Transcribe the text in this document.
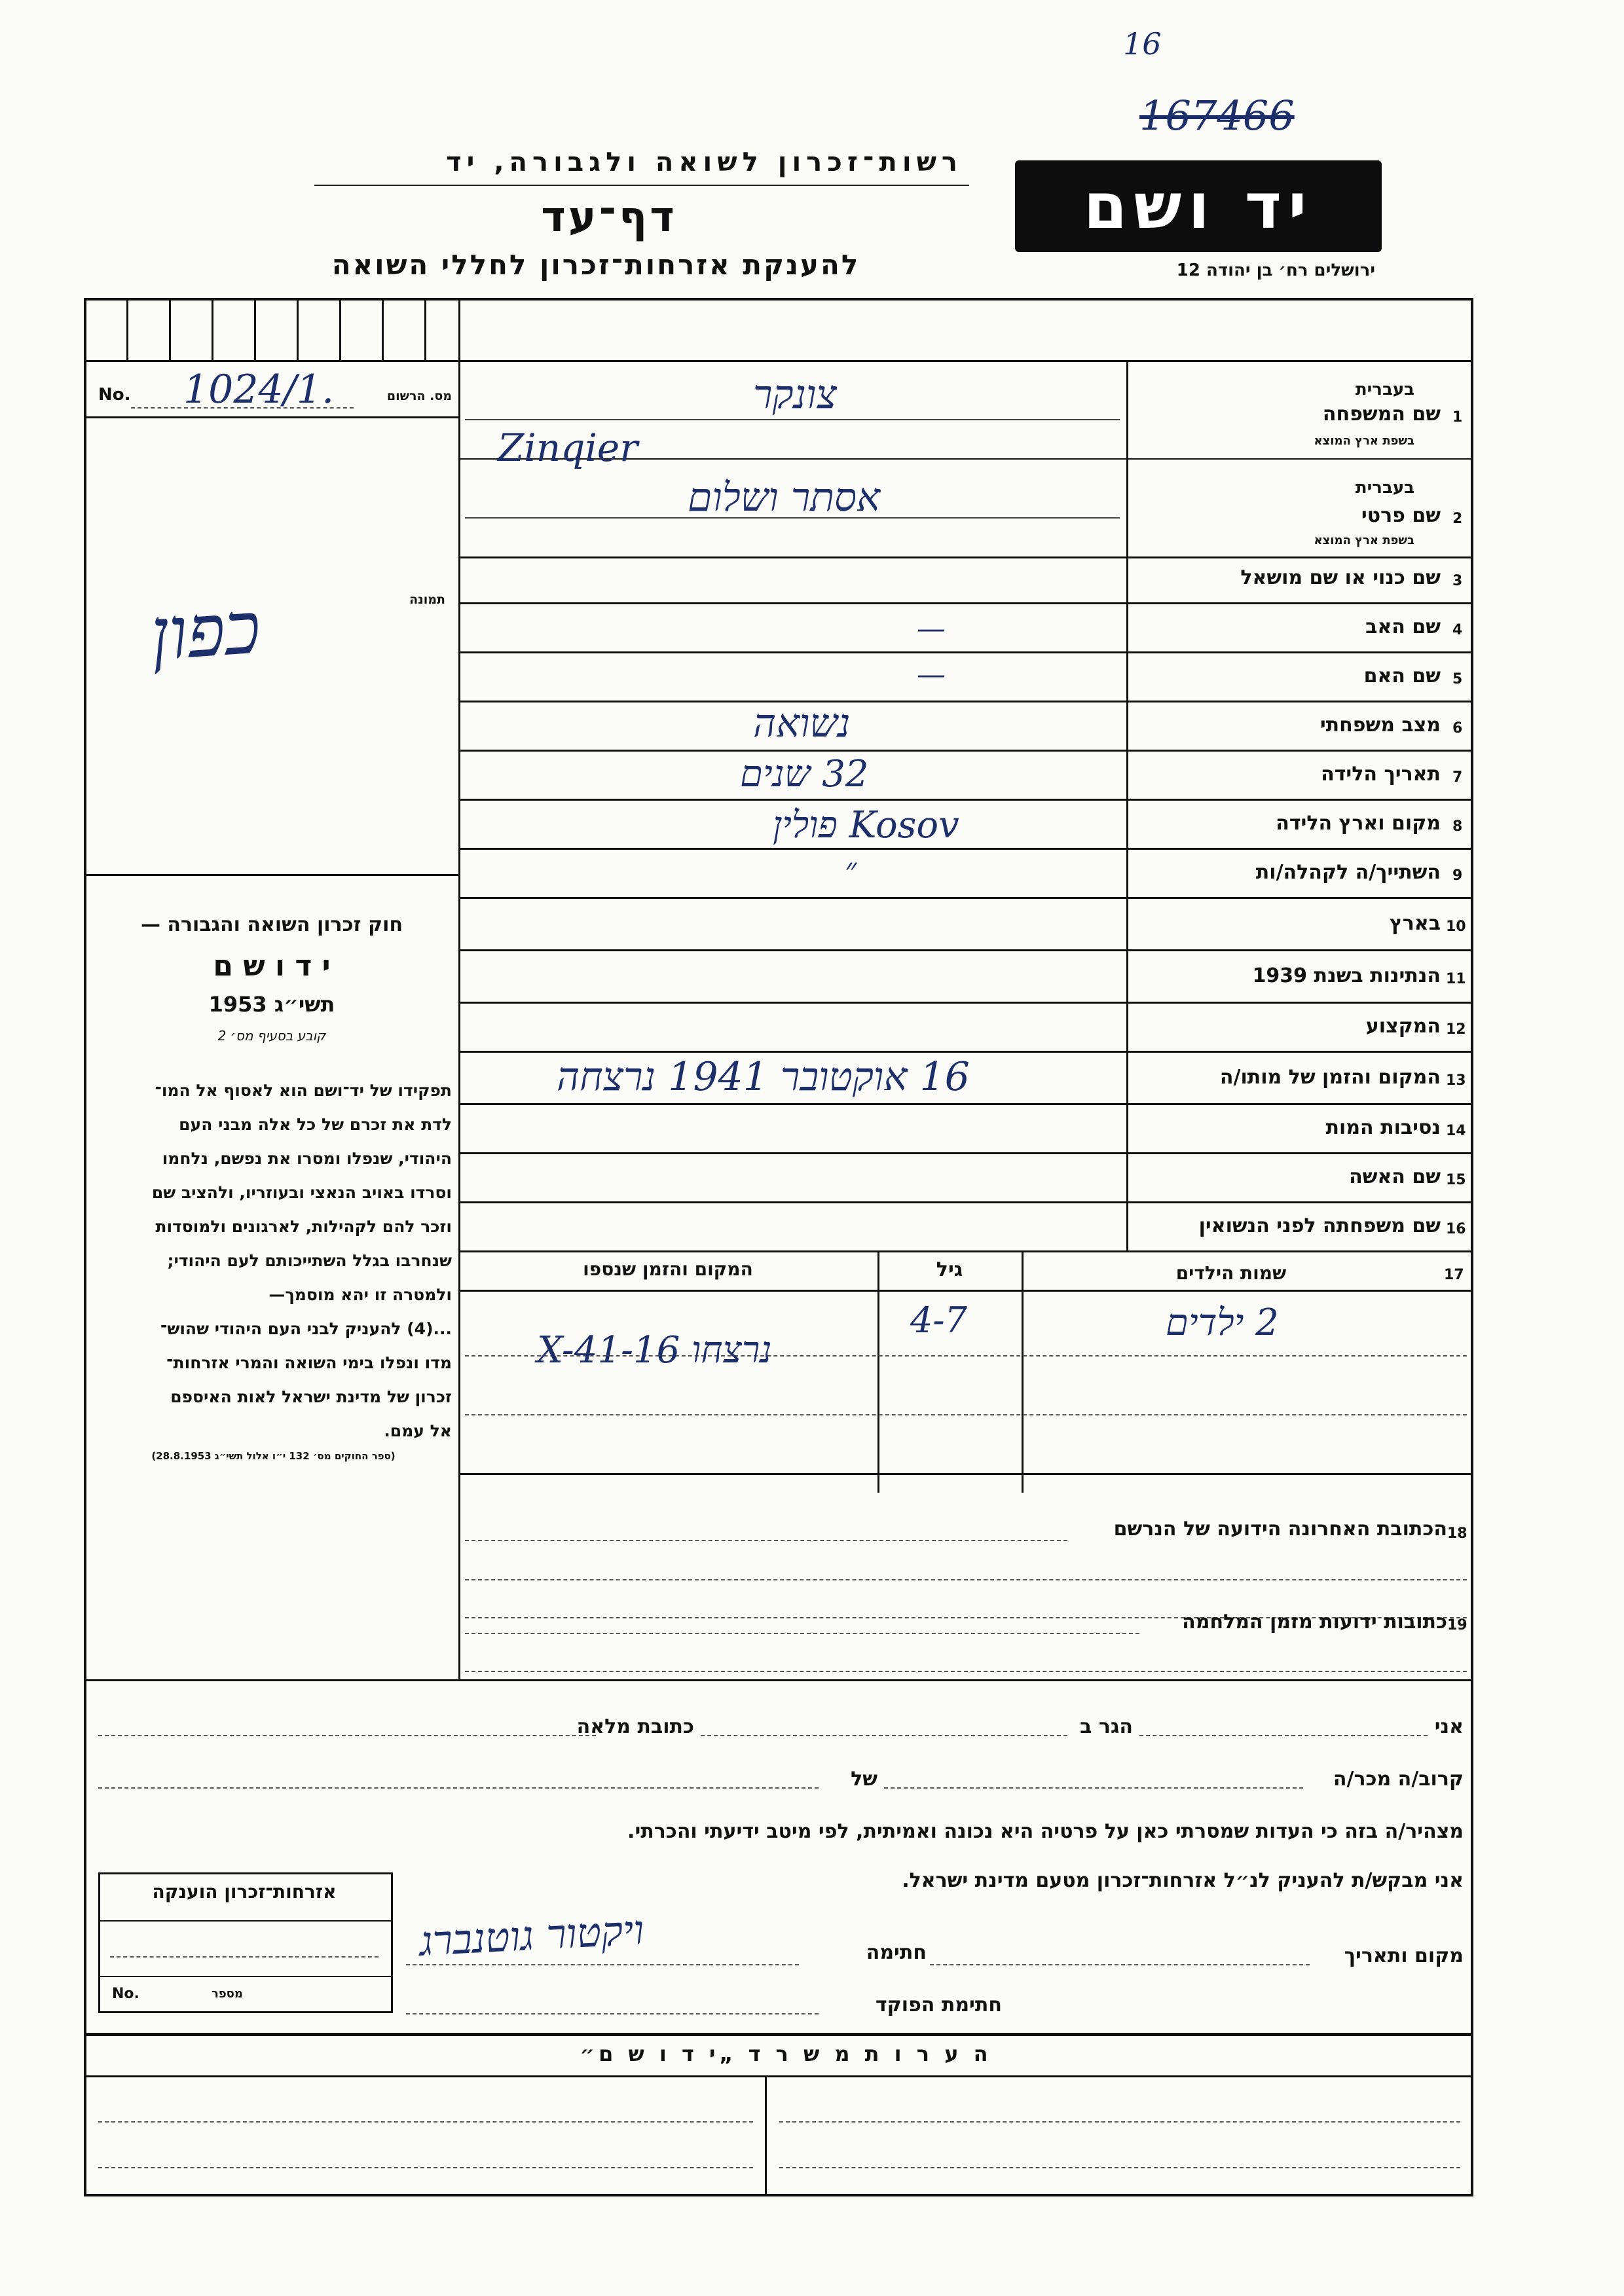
16
167466
רשות־זכרון לשואה ולגבורה, יד
דף־עד
להענקת אזרחות־זכרון לחללי השואה
יד ושם
ירושלים רח׳ בן יהודה 12
No. 1024/1.	מס. הרשום
תמונה
כפון
חוק זכרון השואה והגבורה —
י ד ו ש ם
תשי״ג 1953
קובע בסעיף מס׳ 2
תפקידו של יד־ושם הוא לאסוף אל המו־
לדת את זכרם של כל אלה מבני העם
היהודי, שנפלו ומסרו את נפשם, נלחמו
וסרדו באויב הנאצי ובעוזריו, ולהציב שם
וזכר להם לקהילות, לארגונים ולמוסדות
שנחרבו בגלל השתייכותם לעם היהודי;
ולמטרה זו יהא מוסמך—
...(4) להעניק לבני העם היהודי שהוש־
מדו ונפלו בימי השואה והמרי אזרחות־
זכרון של מדינת ישראל לאות האיספם
אל עמם.
(ספר החוקים מס׳ 132 י״ו אלול תשי״ג 28.8.1953)
1
שם המשפחה
בעברית
בשפת ארץ המוצא
צונקר
Zinqier
2
שם פרטי
בעברית
בשפת ארץ המוצא
אסתר ושלום
3
שם כנוי או שם מושאל
4
שם האב
—
5
שם האם
—
6
מצב משפחתי
נשואה
7
תאריך הלידה
32 שנים
8
מקום וארץ הלידה
Kosov פולין
9
השתייך/ה לקהלה/ות
״
10
בארץ
11
הנתינות בשנת 1939
12
המקצוע
13
המקום והזמן של מותו/ה
16 אוקטובר 1941 נרצחה
14
נסיבות המות
15
שם האשה
16
שם משפחתה לפני הנשואין
17
שמות הילדים
גיל
המקום והזמן שנספו
2 ילדים
4-7
נרצחו 16-X-41
18
הכתובת האחרונה הידועה של הנרשם
19
כתובות ידועות מזמן המלחמה
אני
הגר ב
כתובת מלאה
קרוב/ה מכר/ה
של
מצהיר/ה בזה כי העדות שמסרתי כאן על פרטיה היא נכונה ואמיתית, לפי מיטב ידיעתי והכרתי.
אני מבקש/ת להעניק לנ״ל אזרחות־זכרון מטעם מדינת ישראל.
מקום ותאריך
חתימה
ויקטור גוטנברג
חתימת הפוקד
אזרחות־זכרון הוענקה
No.	מספר
ה ע ר ו ת מ ש ר ד „י ד ו ש ם״
